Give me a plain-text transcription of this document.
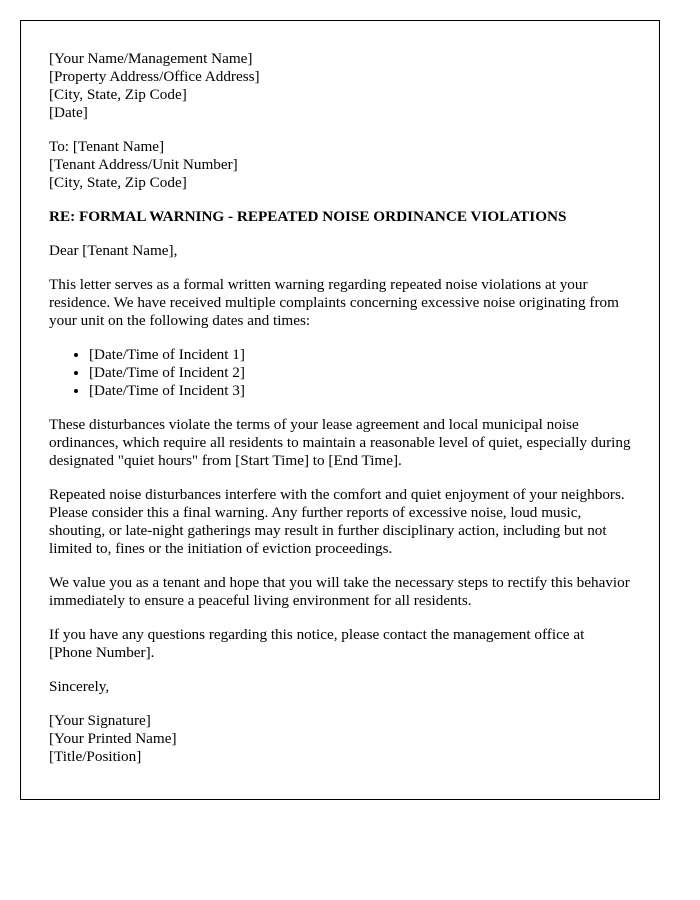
[Your Name/Management Name]
[Property Address/Office Address]
[City, State, Zip Code]
[Date]
To: [Tenant Name]
[Tenant Address/Unit Number]
[City, State, Zip Code]
RE: FORMAL WARNING - REPEATED NOISE ORDINANCE VIOLATIONS

Dear [Tenant Name],

This letter serves as a formal written warning regarding repeated noise violations at your residence. We have received multiple complaints concerning excessive noise originating from your unit on the following dates and times:

• [Date/Time of Incident 1]
• [Date/Time of Incident 2]
• [Date/Time of Incident 3]

These disturbances violate the terms of your lease agreement and local municipal noise ordinances, which require all residents to maintain a reasonable level of quiet, especially during designated "quiet hours" from [Start Time] to [End Time].

Repeated noise disturbances interfere with the comfort and quiet enjoyment of your neighbors. Please consider this a final warning. Any further reports of excessive noise, loud music, shouting, or late-night gatherings may result in further disciplinary action, including but not limited to, fines or the initiation of eviction proceedings.

We value you as a tenant and hope that you will take the necessary steps to rectify this behavior immediately to ensure a peaceful living environment for all residents.

If you have any questions regarding this notice, please contact the management office at [Phone Number].

Sincerely,
[Your Signature]
[Your Printed Name]
[Title/Position]
